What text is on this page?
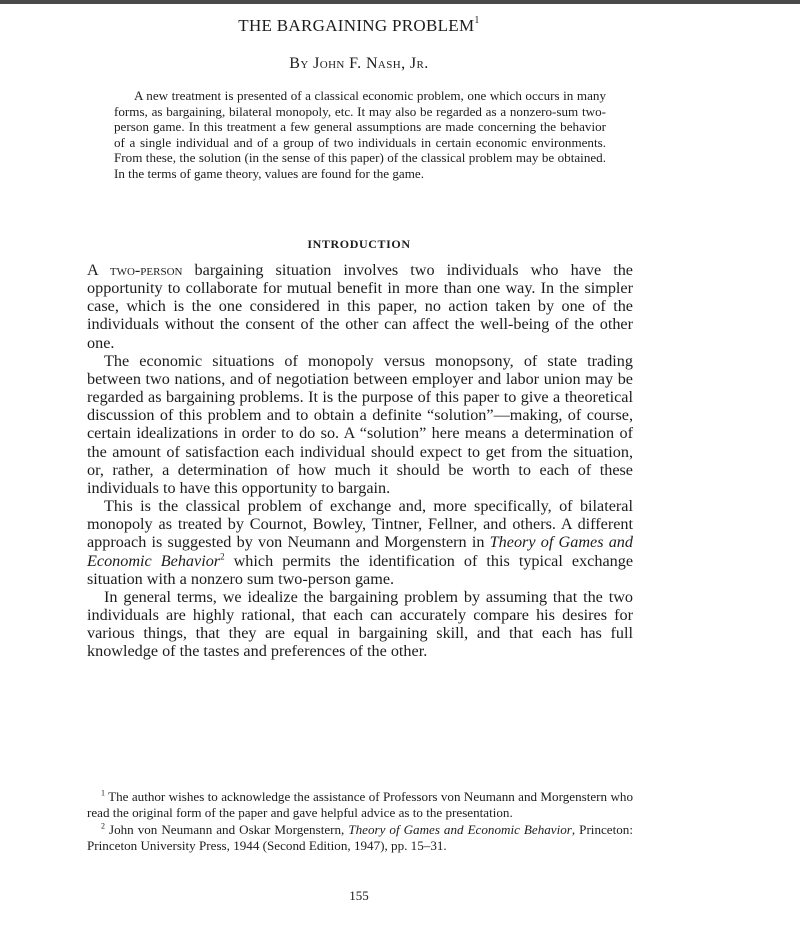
THE BARGAINING PROBLEM$^1$

By John F. Nash, Jr.

A new treatment is presented of a classical economic problem, one which occurs in many forms, as bargaining, bilateral monopoly, etc. It may also be regarded as a nonzero-sum two-person game. In this treatment a few general assumptions are made concerning the behavior of a single individual and of a group of two individuals in certain economic environments. From these, the solution (in the sense of this paper) of the classical problem may be obtained. In the terms of game theory, values are found for the game.

INTRODUCTION

A two-person bargaining situation involves two individuals who have the opportunity to collaborate for mutual benefit in more than one way. In the simpler case, which is the one considered in this paper, no action taken by one of the individuals without the consent of the other can affect the well-being of the other one.

The economic situations of monopoly versus monopsony, of state trading between two nations, and of negotiation between employer and labor union may be regarded as bargaining problems. It is the purpose of this paper to give a theoretical discussion of this problem and to obtain a definite “solution”—making, of course, certain idealizations in order to do so. A “solution” here means a determination of the amount of satisfaction each individual should expect to get from the situation, or, rather, a determination of how much it should be worth to each of these individuals to have this opportunity to bargain.

This is the classical problem of exchange and, more specifically, of bilateral monopoly as treated by Cournot, Bowley, Tintner, Fellner, and others. A different approach is suggested by von Neumann and Morgenstern in Theory of Games and Economic Behavior$^2$ which permits the identification of this typical exchange situation with a nonzero sum two-person game.

In general terms, we idealize the bargaining problem by assuming that the two individuals are highly rational, that each can accurately compare his desires for various things, that they are equal in bargaining skill, and that each has full knowledge of the tastes and preferences of the other.

$^1$ The author wishes to acknowledge the assistance of Professors von Neumann and Morgenstern who read the original form of the paper and gave helpful advice as to the presentation.

$^2$ John von Neumann and Oskar Morgenstern, Theory of Games and Economic Behavior, Princeton: Princeton University Press, 1944 (Second Edition, 1947), pp. 15–31.

155
